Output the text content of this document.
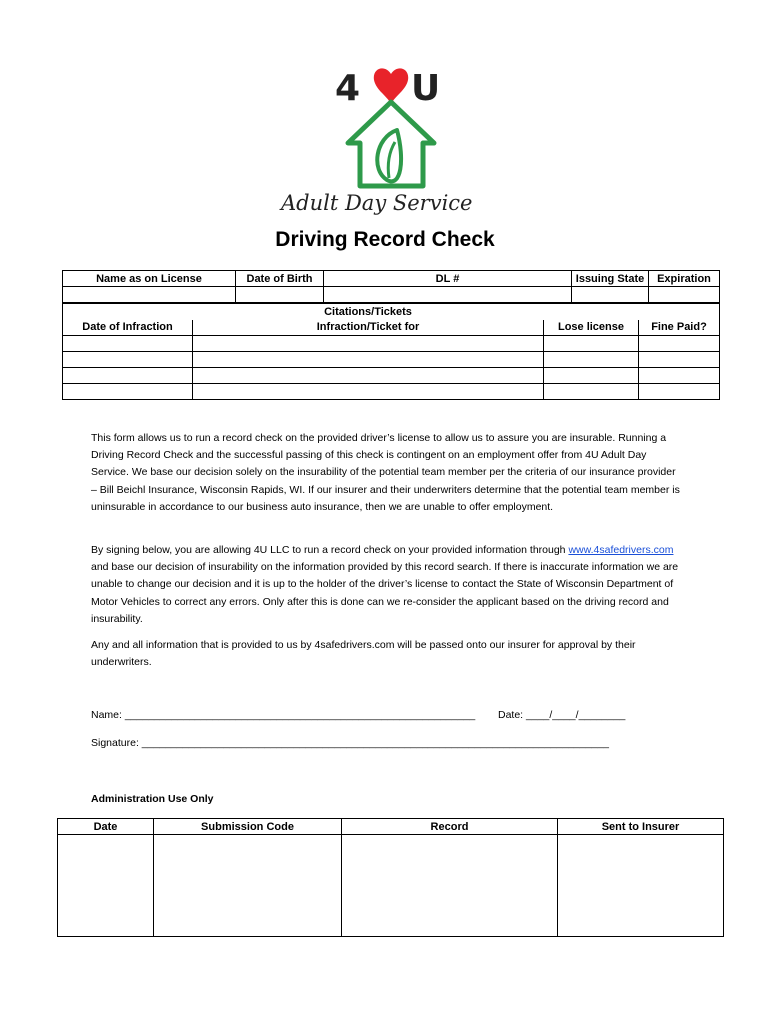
4 U
Adult Day Service
Driving Record Check
Name as on License	Date of Birth	DL #	Issuing State	Expiration

	Citations/Tickets		
Date of Infraction	Infraction/Ticket for	Lose license	Fine Paid?

This form allows us to run a record check on the provided driver’s license to allow us to assure you are insurable. Running a Driving Record Check and the successful passing of this check is contingent on an employment offer from 4U Adult Day Service. We base our decision solely on the insurability of the potential team member per the criteria of our insurance provider – Bill Beichl Insurance, Wisconsin Rapids, WI. If our insurer and their underwriters determine that the potential team member is uninsurable in accordance to our business auto insurance, then we are unable to offer employment.

By signing below, you are allowing 4U LLC to run a record check on your provided information through www.4safedrivers.com and base our decision of insurability on the information provided by this record search. If there is inaccurate information we are unable to change our decision and it is up to the holder of the driver’s license to contact the State of Wisconsin Department of Motor Vehicles to correct any errors. Only after this is done can we re-consider the applicant based on the driving record and insurability.

Any and all information that is provided to us by 4safedrivers.com will be passed onto our insurer for approval by their underwriters.

Name: ____________________________________________________________ Date: ____/____/________
Signature: ________________________________________________________________________________
Administration Use Only
Date	Submission Code	Record	Sent to Insurer
